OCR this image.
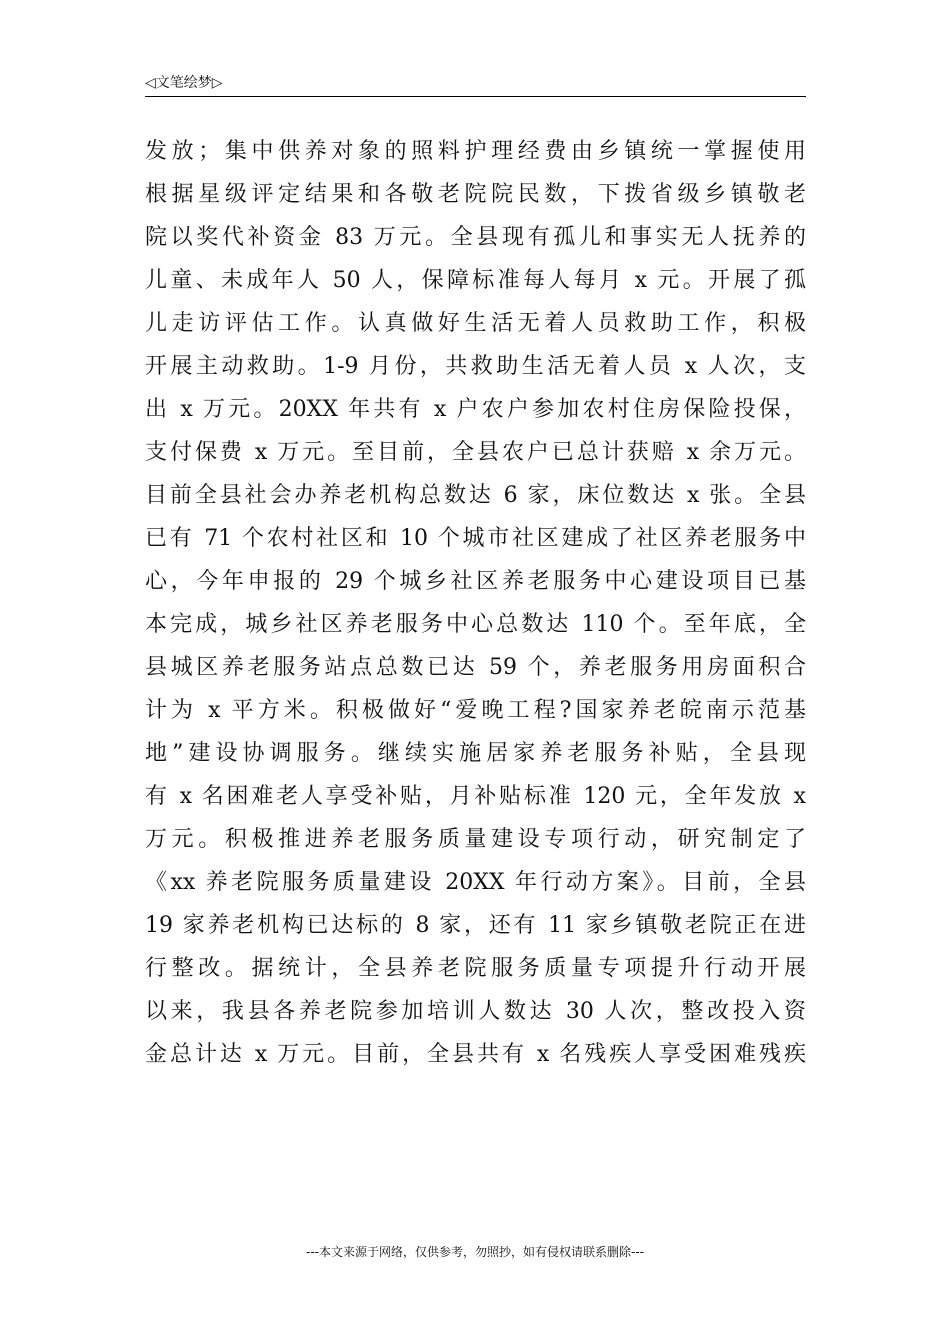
◁文笔绘梦▷
发放；集中供养对象的照料护理经费由乡镇统一掌握使用
根据星级评定结果和各敬老院院民数，下拨省级乡镇敬老
院以奖代补资金 83 万元。全县现有孤儿和事实无人抚养的
儿童、未成年人 50 人，保障标准每人每月 x 元。开展了孤
儿走访评估工作。认真做好生活无着人员救助工作，积极
开展主动救助。1-9 月份，共救助生活无着人员 x 人次，支
出 x 万元。20XX 年共有 x 户农户参加农村住房保险投保，
支付保费 x 万元。至目前，全县农户已总计获赔 x 余万元。
目前全县社会办养老机构总数达 6 家，床位数达 x 张。全县
已有 71 个农村社区和 10 个城市社区建成了社区养老服务中
心，今年申报的 29 个城乡社区养老服务中心建设项目已基
本完成，城乡社区养老服务中心总数达 110 个。至年底，全
县城区养老服务站点总数已达 59 个，养老服务用房面积合
计为 x 平方米。积极做好“爱晚工程?国家养老皖南示范基
地”建设协调服务。继续实施居家养老服务补贴，全县现
有 x 名困难老人享受补贴，月补贴标准 120 元，全年发放 x
万元。积极推进养老服务质量建设专项行动，研究制定了
《xx 养老院服务质量建设 20XX 年行动方案》。目前，全县
19 家养老机构已达标的 8 家，还有 11 家乡镇敬老院正在进
行整改。据统计，全县养老院服务质量专项提升行动开展
以来，我县各养老院参加培训人数达 30 人次，整改投入资
金总计达 x 万元。目前，全县共有 x 名残疾人享受困难残疾
---本文来源于网络，仅供参考，勿照抄，如有侵权请联系删除---
